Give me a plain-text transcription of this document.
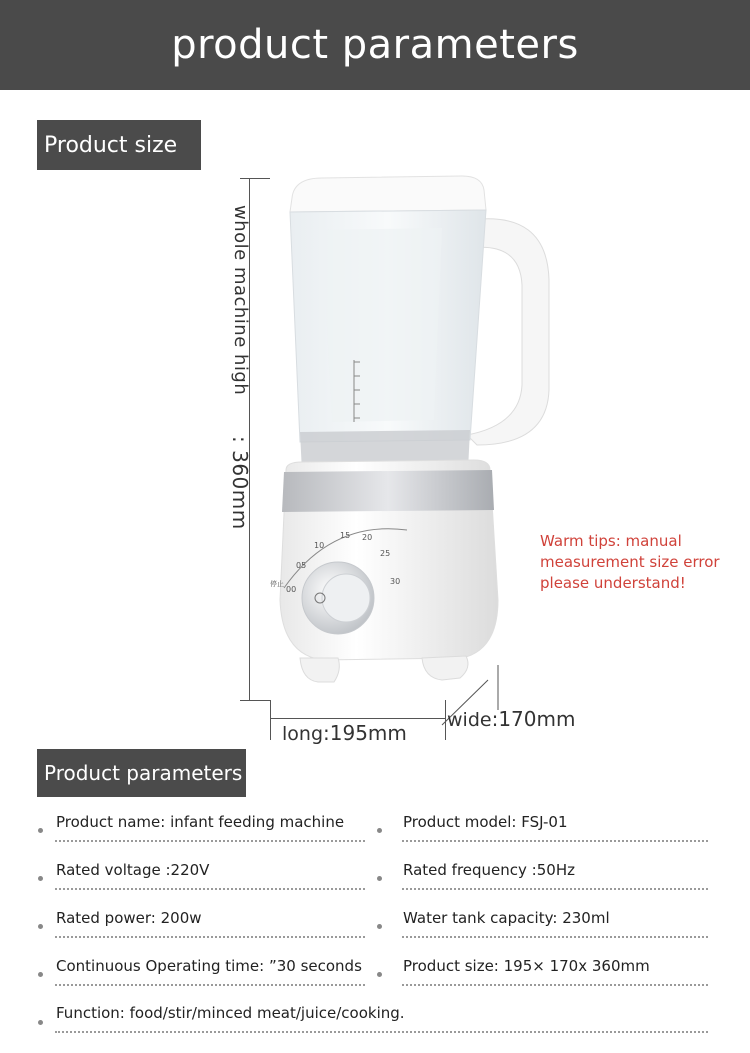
product parameters
Product size
whole machine high : 360mm
long:195mm
wide:170mm
Warm tips: manual measurement size error please understand!
00
05
10
15 20
25
30
停止
Product parameters
Product name: infant feeding machine	Product model: FSJ-01
Rated voltage :220V	Rated frequency :50Hz
Rated power: 200w	Water tank capacity: 230ml
Continuous Operating time: ”30 seconds	Product size: 195× 170x 360mm
Function: food/stir/minced meat/juice/cooking.
